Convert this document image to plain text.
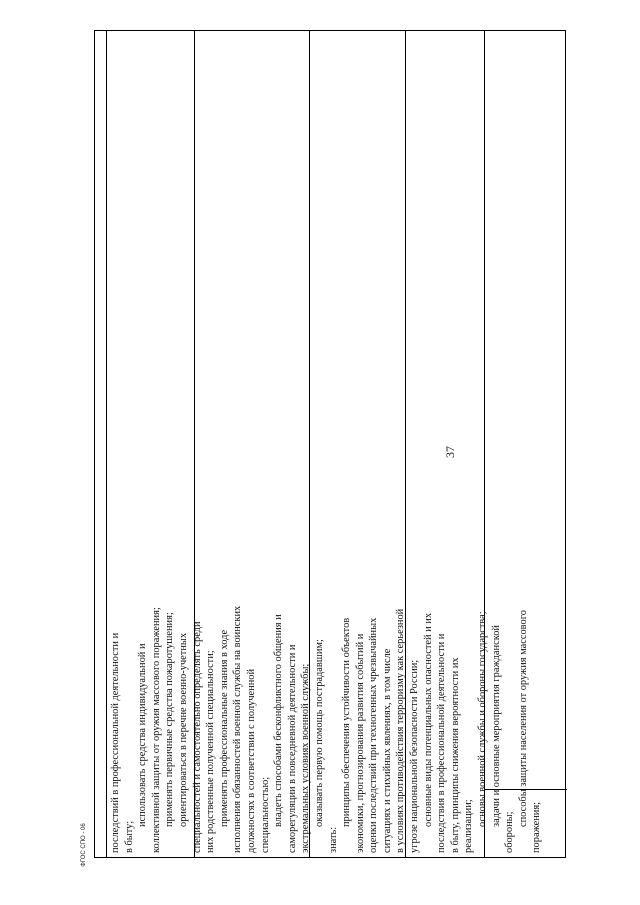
37
последствий в профессиональной деятельности и в быту;
использовать средства индивидуальной и коллективной защиты от оружия массового поражения; применять первичные средства пожаротушения; ориентироваться в перечне военно-учетных специальностей и самостоятельно определять среди них родственные полученной специальности; применять профессиональные знания в ходе исполнения обязанностей военной службы на воинских должностях в соответствии с полученной специальностью; владеть способами бесконфликтного общения и саморегуляции в повседневной деятельности и экстремальных условиях военной службы; оказывать первую помощь пострадавшим;
знать:
принципы обеспечения устойчивости объектов экономики, прогнозирования развития событий и оценки последствий при техногенных чрезвычайных ситуациях и стихийных явлениях, в том числе в условиях противодействия терроризму как серьезной угрозе национальной безопасности России; основные виды потенциальных опасностей и их последствия в профессиональной деятельности и в быту, принципы снижения вероятности их реализации; основы военной службы и обороны государства; задачи и основные мероприятия гражданской
обороны;
способы защиты населения от оружия массового
поражения;
ФГОС СПО - 06
